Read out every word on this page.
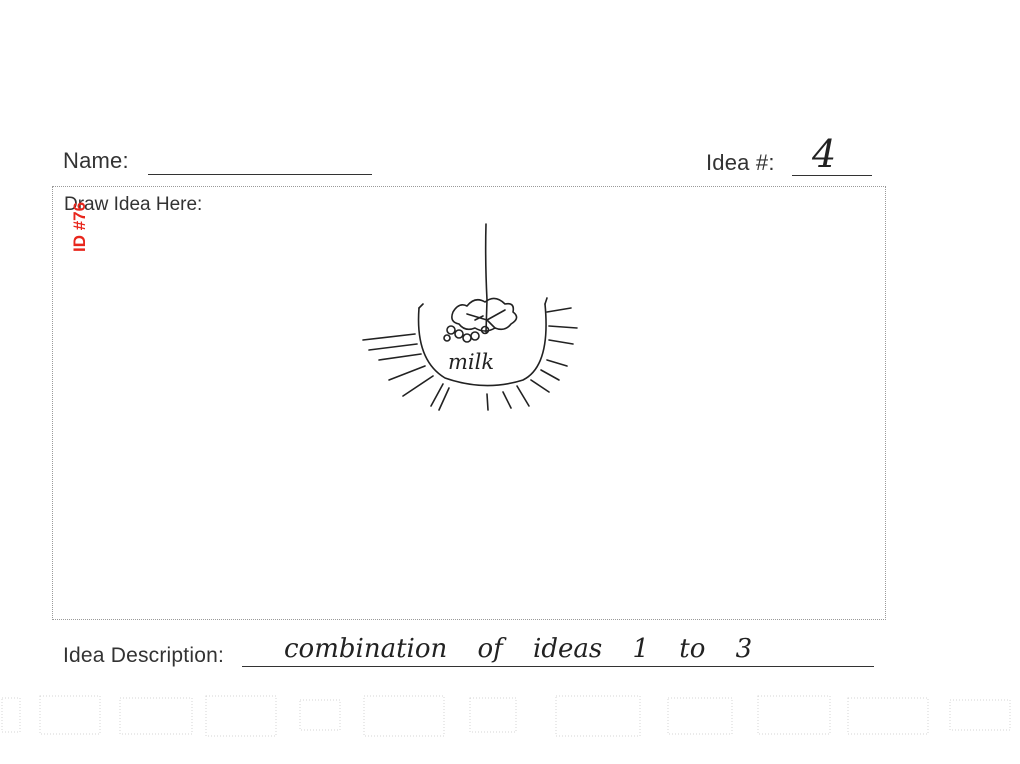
Name:	Idea #: 4
Draw Idea Here:
ID #76
milk
Idea Description: combination of ideas 1 to 3
